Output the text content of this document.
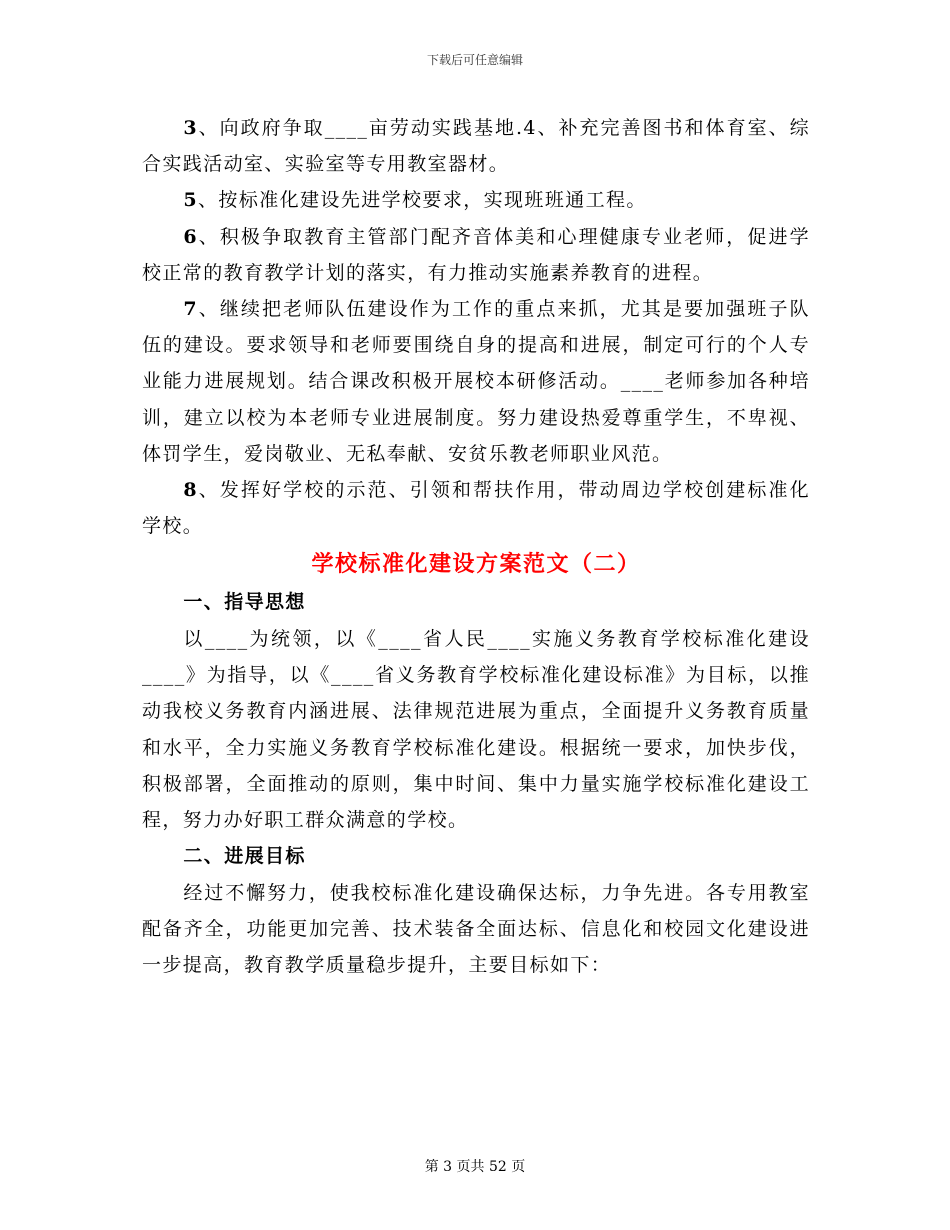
下载后可任意编辑

3、向政府争取____亩劳动实践基地.4、补充完善图书和体育室、综合实践活动室、实验室等专用教室器材。

5、按标准化建设先进学校要求，实现班班通工程。

6、积极争取教育主管部门配齐音体美和心理健康专业老师，促进学校正常的教育教学计划的落实，有力推动实施素养教育的进程。

7、继续把老师队伍建设作为工作的重点来抓，尤其是要加强班子队伍的建设。要求领导和老师要围绕自身的提高和进展，制定可行的个人专业能力进展规划。结合课改积极开展校本研修活动。____老师参加各种培训，建立以校为本老师专业进展制度。努力建设热爱尊重学生，不卑视、体罚学生，爱岗敬业、无私奉献、安贫乐教老师职业风范。

8、发挥好学校的示范、引领和帮扶作用，带动周边学校创建标准化学校。

学校标准化建设方案范文（二）
一、指导思想

以____为统领，以《____省人民____实施义务教育学校标准化建设____》为指导，以《____省义务教育学校标准化建设标准》为目标，以推动我校义务教育内涵进展、法律规范进展为重点，全面提升义务教育质量和水平，全力实施义务教育学校标准化建设。根据统一要求，加快步伐，积极部署，全面推动的原则，集中时间、集中力量实施学校标准化建设工程，努力办好职工群众满意的学校。

二、进展目标

经过不懈努力，使我校标准化建设确保达标，力争先进。各专用教室配备齐全，功能更加完善、技术装备全面达标、信息化和校园文化建设进一步提高，教育教学质量稳步提升，主要目标如下：

第 3 页共 52 页
